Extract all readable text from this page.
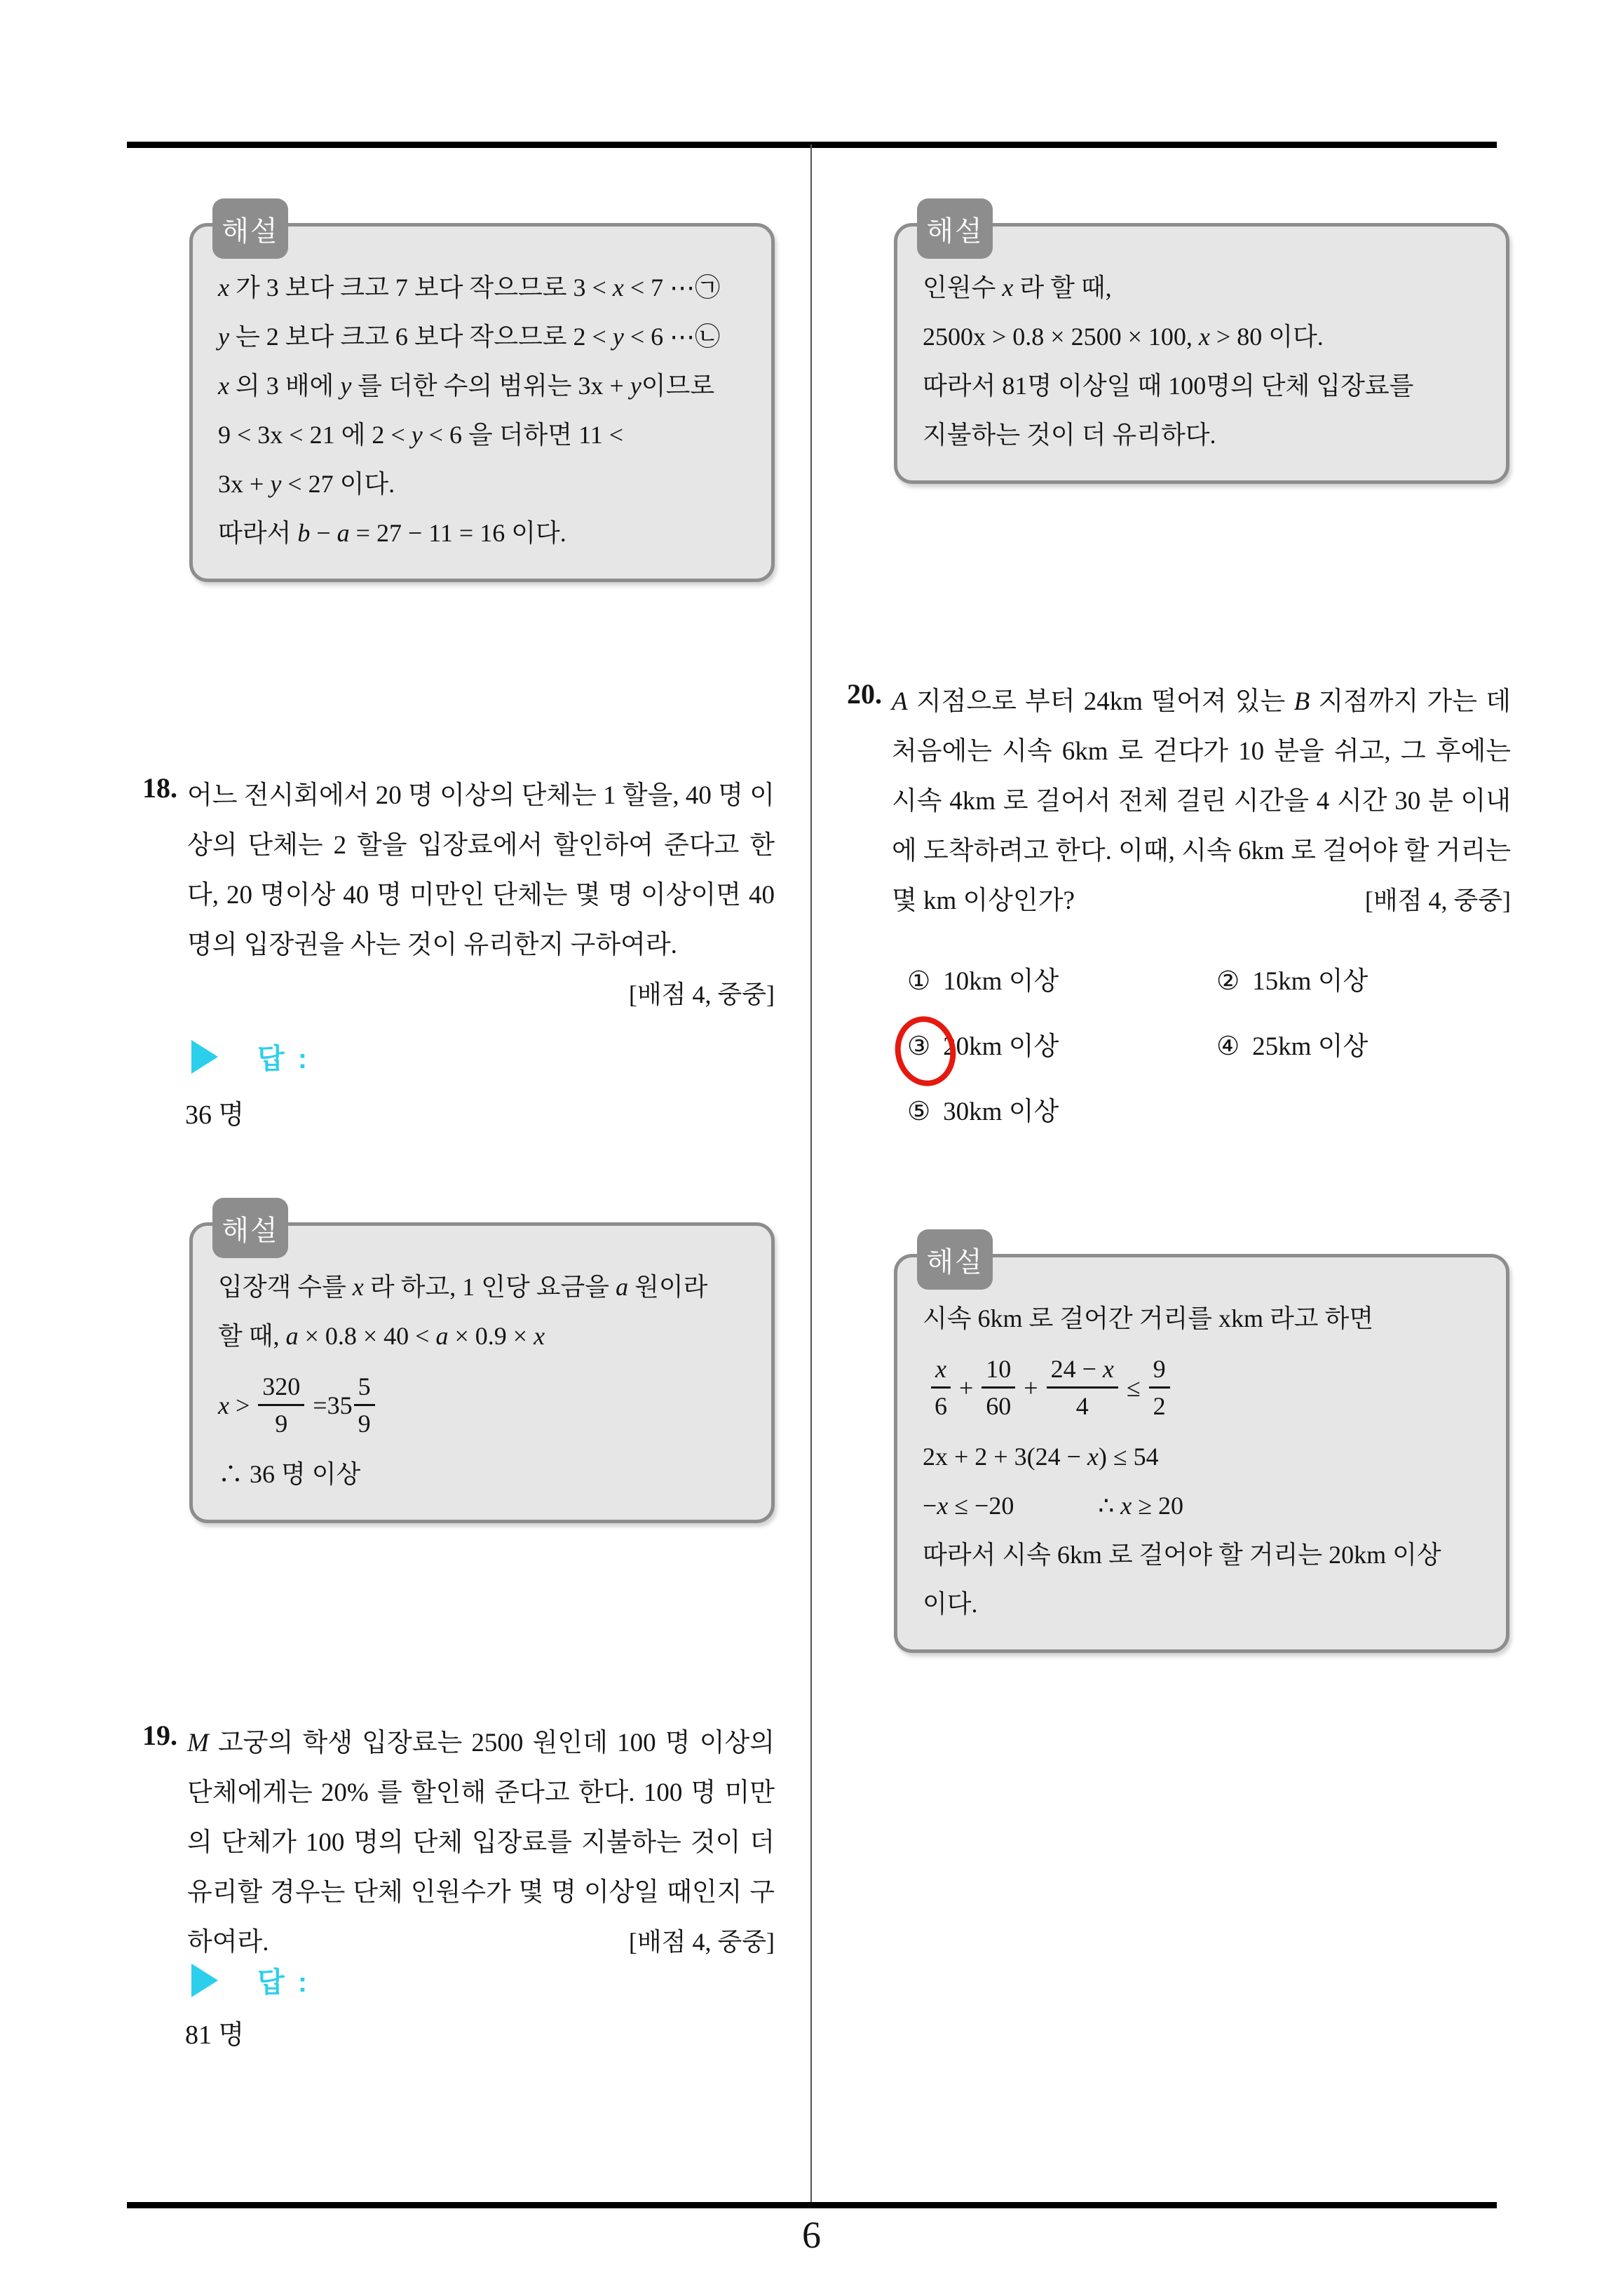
6
해설
x 가 3 보다 크고 7 보다 작으므로 3 < x < 7 ⋯㉠
y 는 2 보다 크고 6 보다 작으므로 2 < y < 6 ⋯㉡
x 의 3 배에 y 를 더한 수의 범위는 3x + y이므로
9 < 3x < 21 에 2 < y < 6 을 더하면 11 <
3x + y < 27 이다.
따라서 b − a = 27 − 11 = 16 이다.
18. 어느 전시회에서 20 명 이상의 단체는 1 할을, 40 명 이상의 단체는 2 할을 입장료에서 할인하여 준다고 한다, 20 명이상 40 명 미만인 단체는 몇 명 이상이면 40 명의 입장권을 사는 것이 유리한지 구하여라.
[배점 4, 중중]
답 :
36 명
해설
입장객 수를 x 라 하고, 1 인당 요금을 a 원이라
할 때, a × 0.8 × 40 < a × 0.9 × x
$x > \frac{320}{9} = 35 \frac{5}{9}$
∴ 36 명 이상
19. M 고궁의 학생 입장료는 2500 원인데 100 명 이상의 단체에게는 20% 를 할인해 준다고 한다. 100 명 미만의 단체가 100 명의 단체 입장료를 지불하는 것이 더 유리할 경우는 단체 인원수가 몇 명 이상일 때인지 구하여라.	[배점 4, 중중]
답 :
81 명
해설
인원수 x 라 할 때,
2500x > 0.8 × 2500 × 100, x > 80 이다.
따라서 81명 이상일 때 100명의 단체 입장료를
지불하는 것이 더 유리하다.
20. A 지점으로 부터 24km 떨어져 있는 B 지점까지 가는 데 처음에는 시속 6km 로 걷다가 10 분을 쉬고, 그 후에는 시속 4km 로 걸어서 전체 걸린 시간을 4 시간 30 분 이내에 도착하려고 한다. 이때, 시속 6km 로 걸어야 할 거리는 몇 km 이상인가?	[배점 4, 중중]
① 10km 이상	② 15km 이상
③ 20km 이상	④ 25km 이상
⑤ 30km 이상
해설
시속 6km 로 걸어간 거리를 xkm 라고 하면
$\frac{x}{6} + \frac{10}{60} + \frac{24 - x}{4} \le \frac{9}{2}$
2x + 2 + 3(24 − x) ≤ 54
−x ≤ −20	∴ x ≥ 20
따라서 시속 6km 로 걸어야 할 거리는 20km 이상
이다.
